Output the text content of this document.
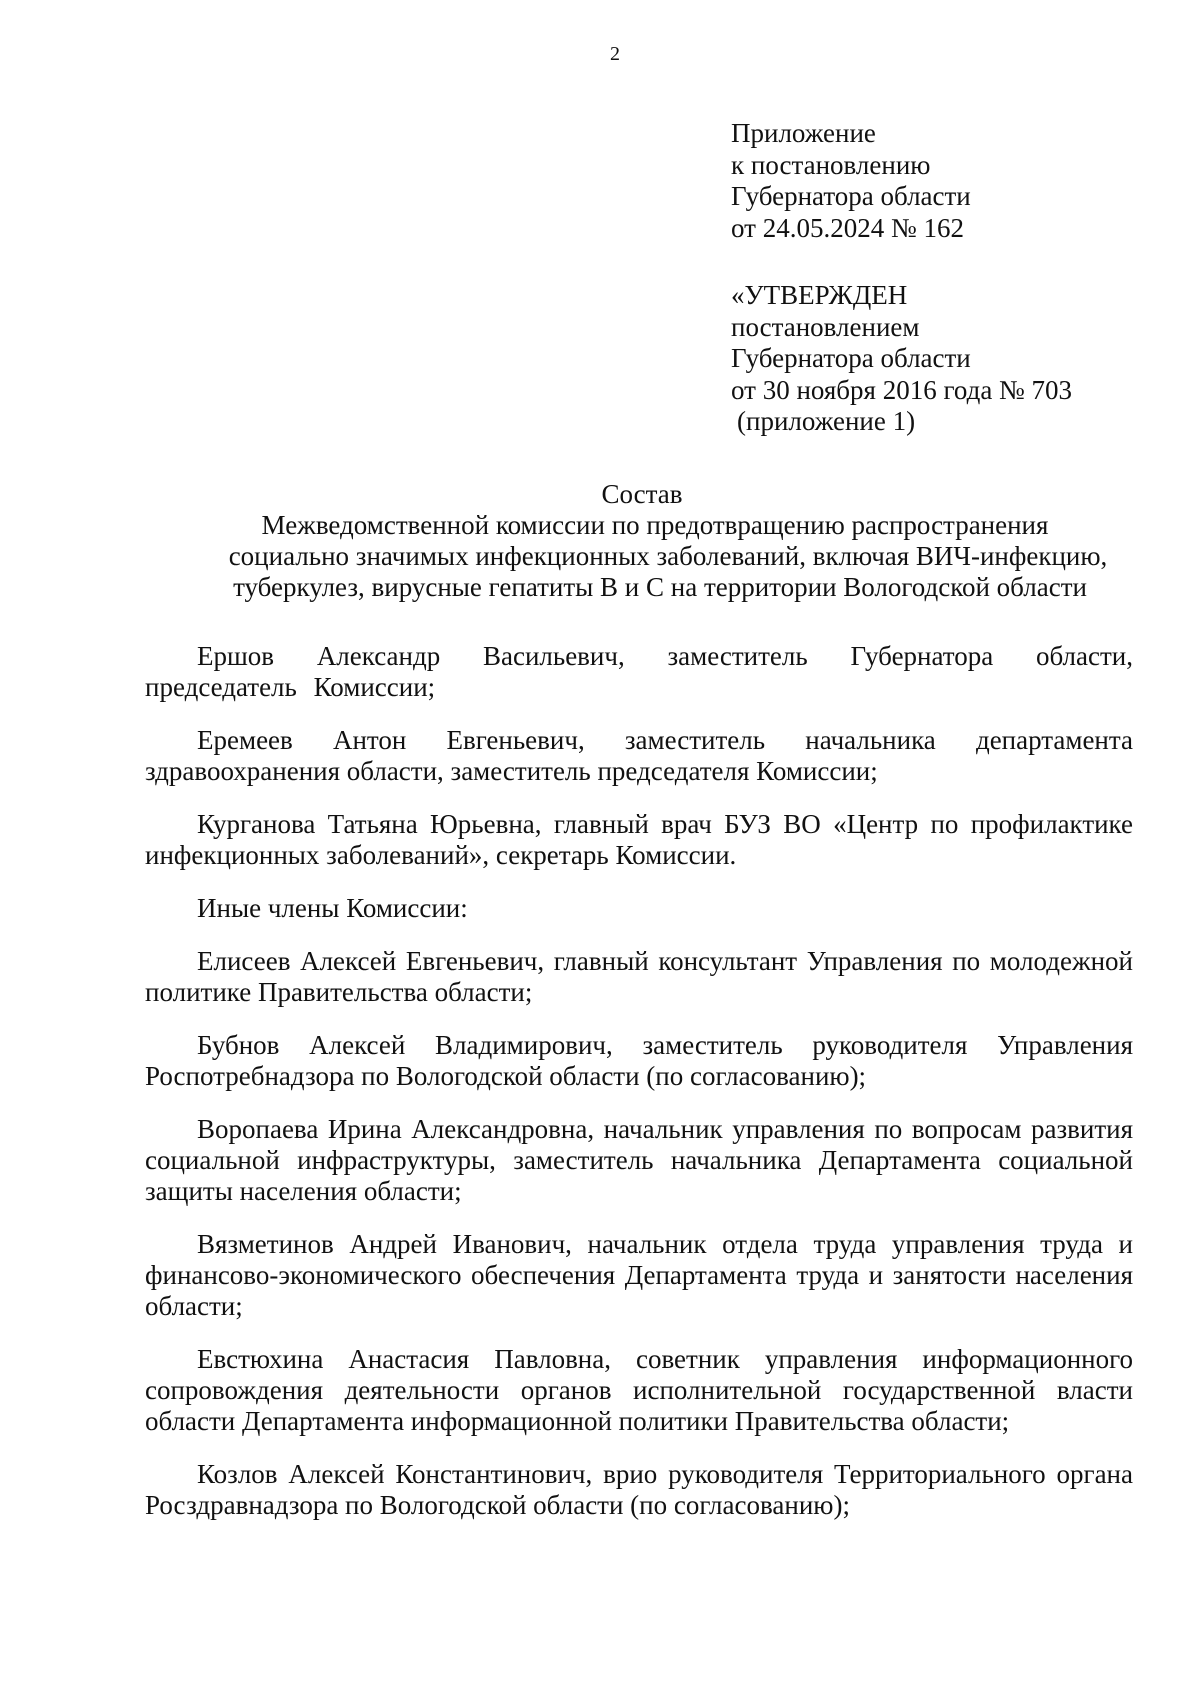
2
Приложение
к постановлению
Губернатора области
от 24.05.2024 № 162
«УТВЕРЖДЕН
постановлением
Губернатора области
от 30 ноября 2016 года № 703
(приложение 1)
Состав
Межведомственной комиссии по предотвращению распространения
социально значимых инфекционных заболеваний, включая ВИЧ-инфекцию,
туберкулез, вирусные гепатиты В и С на территории Вологодской области

Ершов Александр Васильевич, заместитель Губернатора области, председатель Комиссии;

Еремеев Антон Евгеньевич, заместитель начальника департамента здравоохранения области, заместитель председателя Комиссии;

Курганова Татьяна Юрьевна, главный врач БУЗ ВО «Центр по профилактике инфекционных заболеваний», секретарь Комиссии.

Иные члены Комиссии:

Елисеев Алексей Евгеньевич, главный консультант Управления по молодежной политике Правительства области;

Бубнов Алексей Владимирович, заместитель руководителя Управления Роспотребнадзора по Вологодской области (по согласованию);

Воропаева Ирина Александровна, начальник управления по вопросам развития социальной инфраструктуры, заместитель начальника Департамента социальной защиты населения области;

Вязметинов Андрей Иванович, начальник отдела труда управления труда и финансово-экономического обеспечения Департамента труда и занятости населения области;

Евстюхина Анастасия Павловна, советник управления информационного сопровождения деятельности органов исполнительной государственной власти области Департамента информационной политики Правительства области;

Козлов Алексей Константинович, врио руководителя Территориального органа Росздравнадзора по Вологодской области (по согласованию);
